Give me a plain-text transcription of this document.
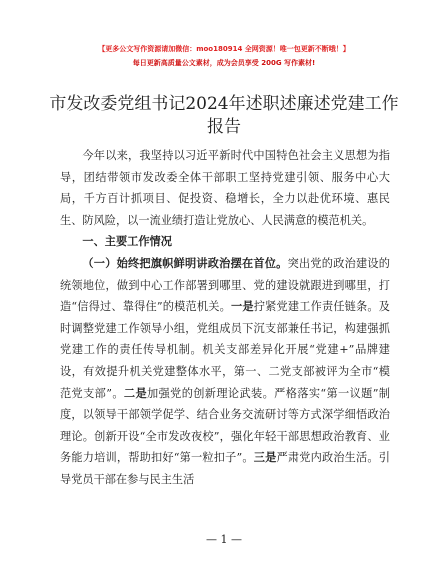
【更多公文写作资源请加微信：moo180914 全网资源！唯一包更新不断哦！】
每日更新高质量公文素材，成为会员享受 200G 写作素材!
市发改委党组书记2024年述职述廉述党建工作
报告

今年以来，我坚持以习近平新时代中国特色社会主义思想为指导，团结带领市发改委全体干部职工坚持党建引领、服务中心大局，千方百计抓项目、促投资、稳增长，全力以赴优环境、惠民生、防风险，以一流业绩打造让党放心、人民满意的模范机关。

一、主要工作情况

（一）始终把旗帜鲜明讲政治摆在首位。突出党的政治建设的统领地位，做到中心工作部署到哪里、党的建设就跟进到哪里，打造“信得过、靠得住”的模范机关。一是拧紧党建工作责任链条。及时调整党建工作领导小组，党组成员下沉支部兼任书记，构建强抓党建工作的责任传导机制。机关支部差异化开展“党建+”品牌建设，有效提升机关党建整体水平，第一、二党支部被评为全市“模范党支部”。二是加强党的创新理论武装。严格落实“第一议题”制度，以领导干部领学促学、结合业务交流研讨等方式深学细悟政治理论。创新开设“全市发改夜校”，强化年轻干部思想政治教育、业务能力培训，帮助扣好“第一粒扣子”。三是严肃党内政治生活。引导党员干部在参与民主生活

— 1 —
